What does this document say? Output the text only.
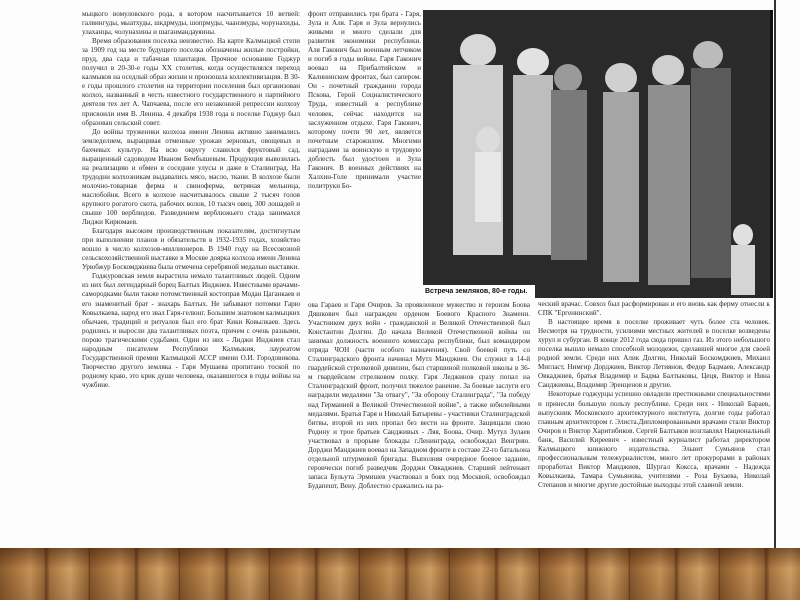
мыцкого вомуловского рода, в котором насчитывается 10 ветвей: галвингуды, мыатхуды, шкдрмуды, шопрмуды, чаанзмуды, чорунахиды, улаханцы, чолунахины и шаганмандауяины.

Время образования поселка неизвестно. На карте Калмыцкой степи за 1909 год на месте будущего поселка обозначены жилые постройки, пруд, два сада и табачная плантация. Прочное основание Годжур получил в 20-30-е годы XX столетия, когда осуществлялся переход калмыков на оседлый образ жизни и произошла коллективизация. В 30-е годы прошлого столетия на территории поселения был организован колхоз, названный в честь известного государственного и партийного деятеля тех лет А. Чапчаева, после его незаконной репрессии колхозу присвоили имя В. Ленина. 4 декабря 1938 года в поселке Годжур был образован сельский совет.

До войны труженики колхоза имени Ленина активно занимались земледелием, выращивая отменные урожаи зерновых, овощевых и бахчевых культур. На всю округу славился фруктовый сад, выращенный садоводом Иваном Бембышевым. Продукция вывозилась на реализацию и обмен в соседние улусы и даже в Сталинград. На трудодни колхозникам выдавались мясо, масло, ткани. В колхозе были молочно-товарная ферма и свиноферма, ветряная мельница, маслобойня. Всего в колхозе насчитывалось свыше 2 тысяч голов крупного рогатого скота, рабочих волов, 10 тысяч овец, 300 лошадей и свыше 100 верблюдов. Разведением верблюжьего стада занимался Лиджи Кирюмаев.

Благодаря высоким производственным показателям, достигнутым при выполнении планов и обязательств в 1932-1935 годах, хозяйство вошло в число колхозов-миллионеров. В 1940 году на Всесоюзной сельскохозяйственной выставке в Москве доярка колхоза имени Ленина Урюбжур Боскомджиева была отмечена серебряной медалью выставки.

Годжуровская земля вырастила немало талантливых людей. Одним из них был легендарный борец Балтых Инджиев. Известными врачами-самородками были также потомственный костоправ Модан Цаганкаев и его знаменитый брат - знахарь Балтых. Не забывают потомки Гарю Ковылкаева, народ его звал Гаря-гелюнг. Большим знатоком калмыцких обычаев, традиций и ритуалов был его брат Кики Ковылкаев. Здесь родились и выросли два талантливых поэта, причем с очень разными, порою трагическими судьбами. Один из них - Лиджи Инджиев стал народным писателем Республики Калмыкия, лауреатом Государственной премии Калмыцкой АССР имени О.И. Городовикова. Творчество другого земляка - Гаря Мушаева пропитано тоской по родному краю, это крик души человека, оказавшегося в годы войны на чужбине.

фронт отправились три брата - Гаря, Зула и Аля. Гаря и Зула вернулись живыми и много сделали для развития экономики республики. Аля Гаконич был военным летчиком и погиб в годы войны. Гаря Гаконич воевал на Прибалтийском и Калининском фронтах, был сапером. Он - почетный гражданин города Пскова, Герой Социалистического Труда, известный в республике человек, сейчас находится на заслуженном отдыхе. Гаря Гаконич, которому почти 90 лет, является почетным старожилом. Многими наградами за воинскую и трудовую доблесть был удостоен и Зула Гаконич. В военных действиях на Халхин-Голе принимали участие политруки Бо-

Встреча земляков, 80-е годы.

ова Гараев и Гаря Очиров. За проявленное мужество и героизм Боова Дяшкович был награжден орденом Боевого Красного Знамени. Участником двух войн - гражданской и Великой Отечественной был Константин Долгин. До начала Великой Отечественной войны он занимал должность военного комиссара республики, был командиром отряда ЧОН (части особого назначения). Свой боевой путь со Сталинградского фронта начинал Мутл Манджиев. Он служил в 14-й гвардейской стрелковой дивизии, был старшиной полковой школы в 36-м гвардейском стрелковом полку. Гаря Леджинов сразу попал на Сталинградский фронт, получил тяжелое ранение. За боевые заслуги его наградили медалями "За отвагу", "За оборону Сталинграда", "За победу над Германией в Великой Отечественной войне", а также юбилейными медалями. Братья Гаря и Николай Батыревы - участники Сталинградской битвы, второй из них пропал без вести на фронте. Защищали свою Родину и трое братьев Сандживых - Ляя, Боова, Очир. Мутул Зулаев участвовал в прорыве блокады г.Ленинграда, освобождал Венгрию. Дорджи Манджиев воевал на Западном фронте в составе 22-го батальона отдельной штурмовой бригады. Выполняя очередное боевое задание, героически погиб разведчик Дорджи Овкаджиев. Старший лейтенант запаса Бульута Эрмишев участвовал в боях под Москвой, освобождал Будапешт, Вену. Доблестно сражались на ра-

ческий врачас. Совхоз был расформирован и его вновь как ферму отнесли к СПК "Ергенинский".

В настоящее время в поселке проживает чуть более ста человек. Несмотря на трудности, усилиями местных жителей в поселке возведены хурул и субурган. В конце 2012 года сюда пришел газ. Из этого небольшого поселка вышло немало способной молодежи, сделавшей многое для своей родной земли. Среди них Алик Долгин, Николай Боскомджиев, Михаил Мигласт, Нимгир Дорджиев, Виктор Летиянов, Федор Бадмаев, Александр Овкаджиев, братья Владимир и Бадма Балтыковы, Цеця, Виктор и Нина Санджиевы, Владимир Эренценов и другие.

Некоторые годжурцы успешно овладели престижными специальностями и принесли большую пользу республике. Среди них - Николай Бараев, выпускник Московского архитектурного института, долгие годы работал главным архитектором г. Элиста.Дипломированными врачами стали Виктор Очиров и Виктор Харитибиков. Сергей Балтыков возглавлял Национальный банк, Василий Киреевич - известный журналист работал директором Калмыцкого книжного издательства. Эльвит Сумьянов стал профессиональным тележурналистом, много лет прокурорами в районах проработал Виктор Манджиев, Шургал Коксса, врачами - Надежда Ковылкаева, Тамара Сумьянова, учителями - Роза Бухаева, Николай Степанов и многие другие достойные выходцы этой славной земли.
